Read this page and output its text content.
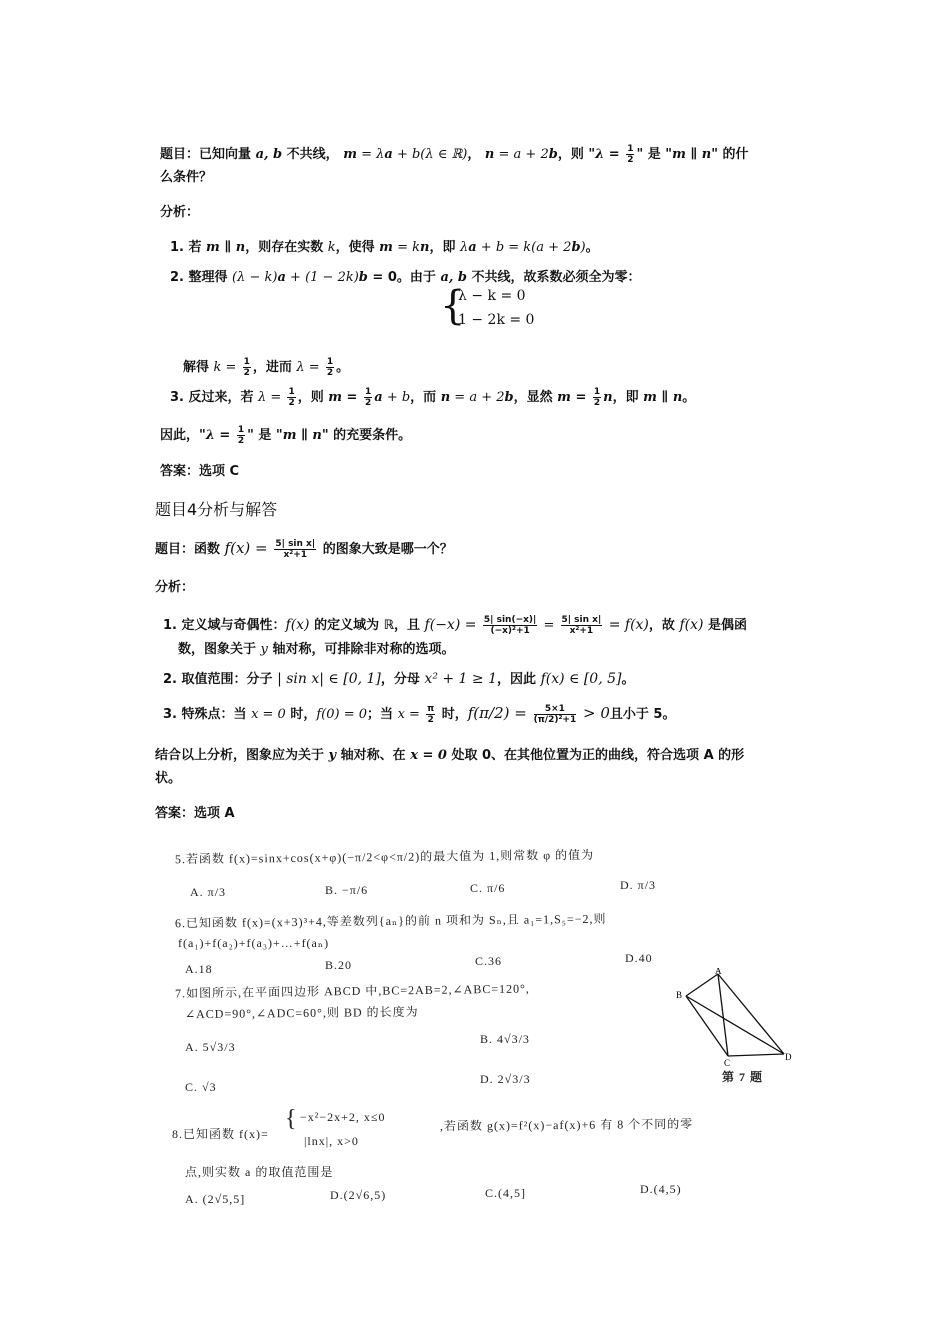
题目：已知向量 a, b 不共线， m = λa + b(λ ∈ ℝ)， n = a + 2b，则 "$\lambda = \frac{1}{2}$ " 是 "m ∥ n" 的什
么条件？
分析：
1. 若 m ∥ n，则存在实数 k，使得 m = kn，即 λa + b = k(a + 2b)。
2. 整理得 (λ − k)a + (1 − 2k)b = 0。由于 a, b 不共线，故系数必须全为零：
{
λ − k = 0
1 − 2k = 0
解得 $k = \frac{1}{2}$ ，进而 $\lambda = \frac{1}{2}$ 。
3. 反过来，若 $\lambda = \frac{1}{2}$ ，则 $m = \frac{1}{2}$ a + b，而 n = a + 2b，显然 $m = \frac{1}{2}$ n，即 m ∥ n。
因此，"$\lambda = \frac{1}{2}$ " 是 "m ∥ n" 的充要条件。
答案：选项 C
题目4分析与解答
题目：函数 $f(x) = \frac{\text{5| sin x|}}{\text{x²+1}}$ 的图象大致是哪一个？
分析：
1. 定义域与奇偶性：f(x) 的定义域为 ℝ，且 $f(-x) = \frac{5| \sin(-x)|}{\text{(−x)²+1}} = \frac{\text{5| sin x|}}{\text{x²+1}} = f(x)$，故 f(x) 是偶函
数，图象关于 y 轴对称，可排除非对称的选项。
2. 取值范围：分子 | sin x| ∈ [0, 1]，分母 x² + 1 ≥ 1，因此 f(x) ∈ [0, 5]。
3. 特殊点：当 x = 0 时，f(0) = 0；当 $x = \frac{\pi}{2}$ 时，$f(\pi/2) = \frac{5\times 1}{\text{(π/2)²+1}} > 0$且小于 5。
结合以上分析，图象应为关于 y 轴对称、在 x = 0 处取 0、在其他位置为正的曲线，符合选项 A 的形
状。
答案：选项 A
5.若函数 f(x)=sinx+cos(x+φ)(−π/2<φ<π/2)的最大值为 1,则常数 φ 的值为
A. π/3	B. −π/6	C. π/6	D. π/3
6.已知函数 f(x)=(x+3)³+4,等差数列{aₙ}的前 n 项和为 Sₙ,且 a₁=1,S₅=−2,则
f(a₁)+f(a₂)+f(a₃)+…+f(aₙ)
A.18	B.20	C.36	D.40
7.如图所示,在平面四边形 ABCD 中,BC=2AB=2,∠ABC=120°,
∠ACD=90°,∠ADC=60°,则 BD 的长度为
A. 5√3/3
B. 4√3/3
C. √3
D. 2√3/3
A
B
C
D
第 7 题
8.已知函数 f(x)=
{ −x²−2x+2, x≤0
|lnx|, x>0
,若函数 g(x)=f²(x)−af(x)+6 有 8 个不同的零
点,则实数 a 的取值范围是
A. (2√5,5]	D.(2√6,5)	C.(4,5]	D.(4,5)
